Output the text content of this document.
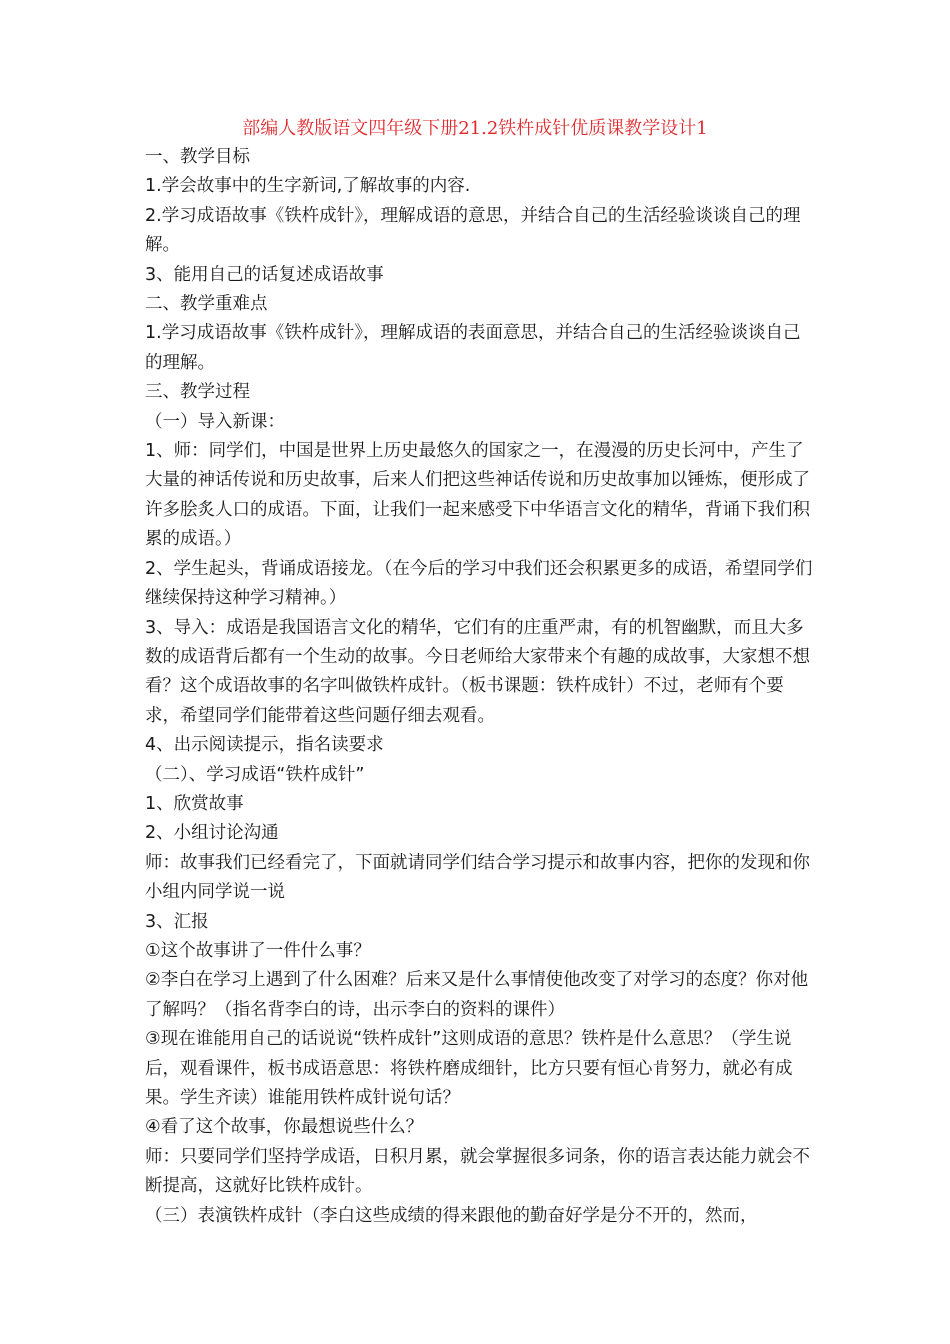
部编人教版语文四年级下册21.2铁杵成针优质课教学设计1

一、教学目标

1.学会故事中的生字新词,了解故事的内容.

2.学习成语故事《铁杵成针》，理解成语的意思，并结合自己的生活经验谈谈自己的理解。

3、能用自己的话复述成语故事

二、教学重难点

1.学习成语故事《铁杵成针》，理解成语的表面意思，并结合自己的生活经验谈谈自己的理解。

三、教学过程

（一）导入新课：

1、师：同学们，中国是世界上历史最悠久的国家之一，在漫漫的历史长河中，产生了大量的神话传说和历史故事，后来人们把这些神话传说和历史故事加以锤炼，便形成了许多脍炙人口的成语。下面，让我们一起来感受下中华语言文化的精华，背诵下我们积累的成语。）

2、学生起头，背诵成语接龙。（在今后的学习中我们还会积累更多的成语，希望同学们继续保持这种学习精神。）

3、导入：成语是我国语言文化的精华，它们有的庄重严肃，有的机智幽默，而且大多数的成语背后都有一个生动的故事。今日老师给大家带来个有趣的成故事，大家想不想看？这个成语故事的名字叫做铁杵成针。（板书课题：铁杵成针）不过，老师有个要求，希望同学们能带着这些问题仔细去观看。

4、出示阅读提示，指名读要求

（二）、学习成语“铁杵成针”

1、欣赏故事

2、小组讨论沟通

师：故事我们已经看完了，下面就请同学们结合学习提示和故事内容，把你的发现和你小组内同学说一说

3、汇报

①这个故事讲了一件什么事？

②李白在学习上遇到了什么困难？后来又是什么事情使他改变了对学习的态度？你对他了解吗？（指名背李白的诗，出示李白的资料的课件）

③现在谁能用自己的话说说“铁杵成针”这则成语的意思？铁杵是什么意思？（学生说后，观看课件，板书成语意思：将铁杵磨成细针，比方只要有恒心肯努力，就必有成果。学生齐读）谁能用铁杵成针说句话？

④看了这个故事，你最想说些什么？

师：只要同学们坚持学成语，日积月累，就会掌握很多词条，你的语言表达能力就会不断提高，这就好比铁杵成针。

（三）表演铁杵成针（李白这些成绩的得来跟他的勤奋好学是分不开的，然而，
